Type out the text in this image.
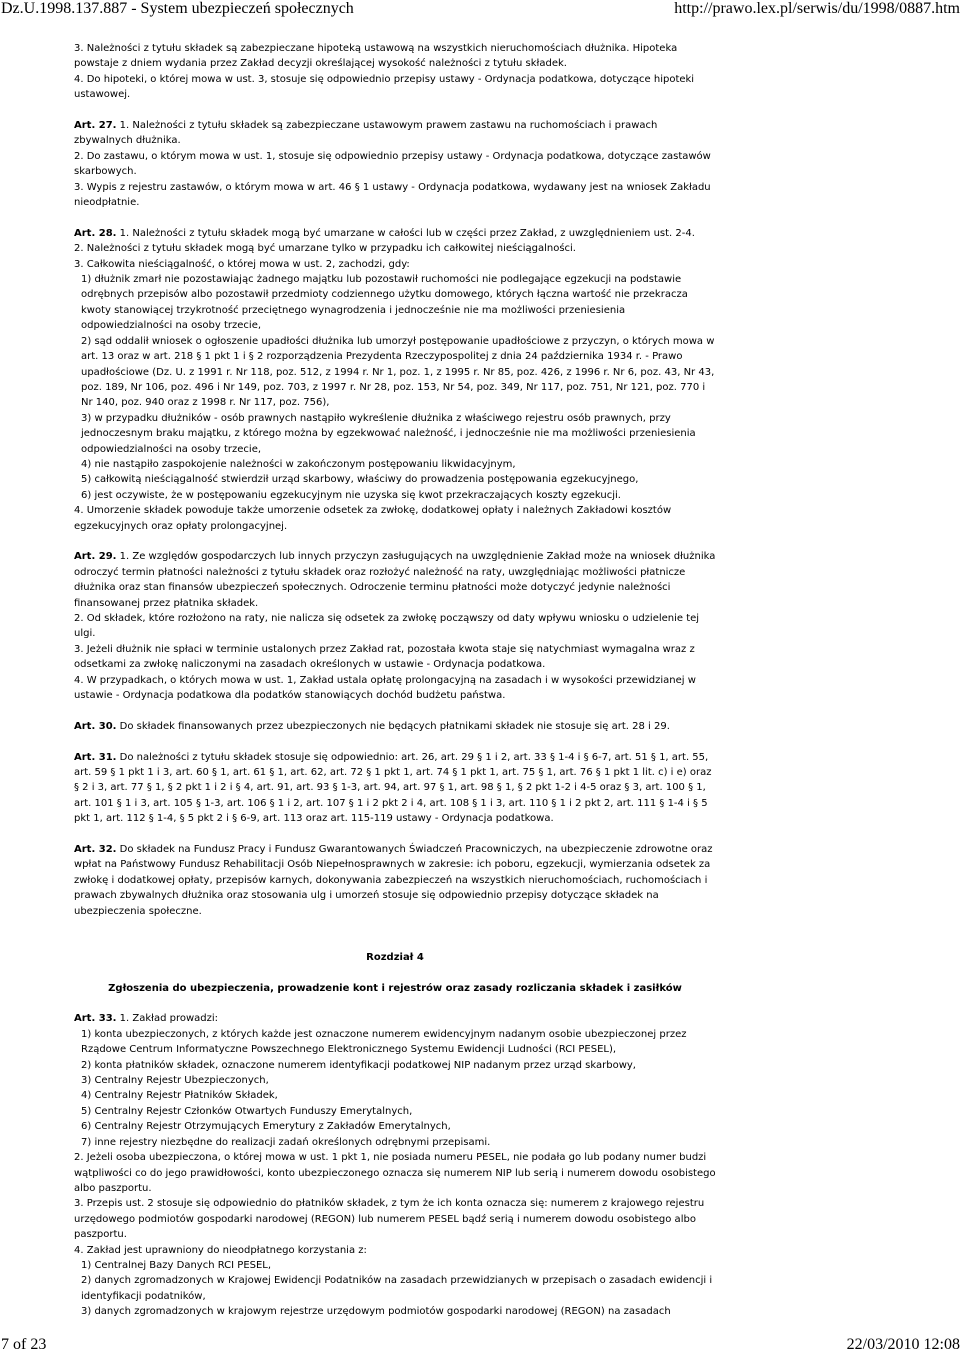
Dz.U.1998.137.887 - System ubezpieczeń społecznych	http://prawo.lex.pl/serwis/du/1998/0887.htm

3. Należności z tytułu składek są zabezpieczane hipoteką ustawową na wszystkich nieruchomościach dłużnika. Hipoteka powstaje z dniem wydania przez Zakład decyzji określającej wysokość należności z tytułu składek.

4. Do hipoteki, o której mowa w ust. 3, stosuje się odpowiednio przepisy ustawy - Ordynacja podatkowa, dotyczące hipoteki ustawowej.

Art. 27. 1. Należności z tytułu składek są zabezpieczane ustawowym prawem zastawu na ruchomościach i prawach zbywalnych dłużnika.

2. Do zastawu, o którym mowa w ust. 1, stosuje się odpowiednio przepisy ustawy - Ordynacja podatkowa, dotyczące zastawów skarbowych.

3. Wypis z rejestru zastawów, o którym mowa w art. 46 § 1 ustawy - Ordynacja podatkowa, wydawany jest na wniosek Zakładu nieodpłatnie.

Art. 28. 1. Należności z tytułu składek mogą być umarzane w całości lub w części przez Zakład, z uwzględnieniem ust. 2-4.

2. Należności z tytułu składek mogą być umarzane tylko w przypadku ich całkowitej nieściągalności.

3. Całkowita nieściągalność, o której mowa w ust. 2, zachodzi, gdy:

1) dłużnik zmarł nie pozostawiając żadnego majątku lub pozostawił ruchomości nie podlegające egzekucji na podstawie odrębnych przepisów albo pozostawił przedmioty codziennego użytku domowego, których łączna wartość nie przekracza kwoty stanowiącej trzykrotność przeciętnego wynagrodzenia i jednocześnie nie ma możliwości przeniesienia odpowiedzialności na osoby trzecie,

2) sąd oddalił wniosek o ogłoszenie upadłości dłużnika lub umorzył postępowanie upadłościowe z przyczyn, o których mowa w art. 13 oraz w art. 218 § 1 pkt 1 i § 2 rozporządzenia Prezydenta Rzeczypospolitej z dnia 24 października 1934 r. - Prawo upadłościowe (Dz. U. z 1991 r. Nr 118, poz. 512, z 1994 r. Nr 1, poz. 1, z 1995 r. Nr 85, poz. 426, z 1996 r. Nr 6, poz. 43, Nr 43, poz. 189, Nr 106, poz. 496 i Nr 149, poz. 703, z 1997 r. Nr 28, poz. 153, Nr 54, poz. 349, Nr 117, poz. 751, Nr 121, poz. 770 i Nr 140, poz. 940 oraz z 1998 r. Nr 117, poz. 756),

3) w przypadku dłużników - osób prawnych nastąpiło wykreślenie dłużnika z właściwego rejestru osób prawnych, przy jednoczesnym braku majątku, z którego można by egzekwować należność, i jednocześnie nie ma możliwości przeniesienia odpowiedzialności na osoby trzecie,

4) nie nastąpiło zaspokojenie należności w zakończonym postępowaniu likwidacyjnym,

5) całkowitą nieściągalność stwierdził urząd skarbowy, właściwy do prowadzenia postępowania egzekucyjnego,

6) jest oczywiste, że w postępowaniu egzekucyjnym nie uzyska się kwot przekraczających koszty egzekucji.

4. Umorzenie składek powoduje także umorzenie odsetek za zwłokę, dodatkowej opłaty i należnych Zakładowi kosztów egzekucyjnych oraz opłaty prolongacyjnej.

Art. 29. 1. Ze względów gospodarczych lub innych przyczyn zasługujących na uwzględnienie Zakład może na wniosek dłużnika odroczyć termin płatności należności z tytułu składek oraz rozłożyć należność na raty, uwzględniając możliwości płatnicze dłużnika oraz stan finansów ubezpieczeń społecznych. Odroczenie terminu płatności może dotyczyć jedynie należności finansowanej przez płatnika składek.

2. Od składek, które rozłożono na raty, nie nalicza się odsetek za zwłokę począwszy od daty wpływu wniosku o udzielenie tej ulgi.

3. Jeżeli dłużnik nie spłaci w terminie ustalonych przez Zakład rat, pozostała kwota staje się natychmiast wymagalna wraz z odsetkami za zwłokę naliczonymi na zasadach określonych w ustawie - Ordynacja podatkowa.

4. W przypadkach, o których mowa w ust. 1, Zakład ustala opłatę prolongacyjną na zasadach i w wysokości przewidzianej w ustawie - Ordynacja podatkowa dla podatków stanowiących dochód budżetu państwa.

Art. 30. Do składek finansowanych przez ubezpieczonych nie będących płatnikami składek nie stosuje się art. 28 i 29.

Art. 31. Do należności z tytułu składek stosuje się odpowiednio: art. 26, art. 29 § 1 i 2, art. 33 § 1-4 i § 6-7, art. 51 § 1, art. 55, art. 59 § 1 pkt 1 i 3, art. 60 § 1, art. 61 § 1, art. 62, art. 72 § 1 pkt 1, art. 74 § 1 pkt 1, art. 75 § 1, art. 76 § 1 pkt 1 lit. c) i e) oraz § 2 i 3, art. 77 § 1, § 2 pkt 1 i 2 i § 4, art. 91, art. 93 § 1-3, art. 94, art. 97 § 1, art. 98 § 1, § 2 pkt 1-2 i 4-5 oraz § 3, art. 100 § 1, art. 101 § 1 i 3, art. 105 § 1-3, art. 106 § 1 i 2, art. 107 § 1 i 2 pkt 2 i 4, art. 108 § 1 i 3, art. 110 § 1 i 2 pkt 2, art. 111 § 1-4 i § 5 pkt 1, art. 112 § 1-4, § 5 pkt 2 i § 6-9, art. 113 oraz art. 115-119 ustawy - Ordynacja podatkowa.

Art. 32. Do składek na Fundusz Pracy i Fundusz Gwarantowanych Świadczeń Pracowniczych, na ubezpieczenie zdrowotne oraz wpłat na Państwowy Fundusz Rehabilitacji Osób Niepełnosprawnych w zakresie: ich poboru, egzekucji, wymierzania odsetek za zwłokę i dodatkowej opłaty, przepisów karnych, dokonywania zabezpieczeń na wszystkich nieruchomościach, ruchomościach i prawach zbywalnych dłużnika oraz stosowania ulg i umorzeń stosuje się odpowiednio przepisy dotyczące składek na ubezpieczenia społeczne.

Rozdział 4

Zgłoszenia do ubezpieczenia, prowadzenie kont i rejestrów oraz zasady rozliczania składek i zasiłków

Art. 33. 1. Zakład prowadzi:

1) konta ubezpieczonych, z których każde jest oznaczone numerem ewidencyjnym nadanym osobie ubezpieczonej przez Rządowe Centrum Informatyczne Powszechnego Elektronicznego Systemu Ewidencji Ludności (RCI PESEL),

2) konta płatników składek, oznaczone numerem identyfikacji podatkowej NIP nadanym przez urząd skarbowy,

3) Centralny Rejestr Ubezpieczonych,

4) Centralny Rejestr Płatników Składek,

5) Centralny Rejestr Członków Otwartych Funduszy Emerytalnych,

6) Centralny Rejestr Otrzymujących Emerytury z Zakładów Emerytalnych,

7) inne rejestry niezbędne do realizacji zadań określonych odrębnymi przepisami.

2. Jeżeli osoba ubezpieczona, o której mowa w ust. 1 pkt 1, nie posiada numeru PESEL, nie podała go lub podany numer budzi wątpliwości co do jego prawidłowości, konto ubezpieczonego oznacza się numerem NIP lub serią i numerem dowodu osobistego albo paszportu.

3. Przepis ust. 2 stosuje się odpowiednio do płatników składek, z tym że ich konta oznacza się: numerem z krajowego rejestru urzędowego podmiotów gospodarki narodowej (REGON) lub numerem PESEL bądź serią i numerem dowodu osobistego albo paszportu.

4. Zakład jest uprawniony do nieodpłatnego korzystania z:

1) Centralnej Bazy Danych RCI PESEL,

2) danych zgromadzonych w Krajowej Ewidencji Podatników na zasadach przewidzianych w przepisach o zasadach ewidencji i identyfikacji podatników,

3) danych zgromadzonych w krajowym rejestrze urzędowym podmiotów gospodarki narodowej (REGON) na zasadach

7 of 23	22/03/2010 12:08
